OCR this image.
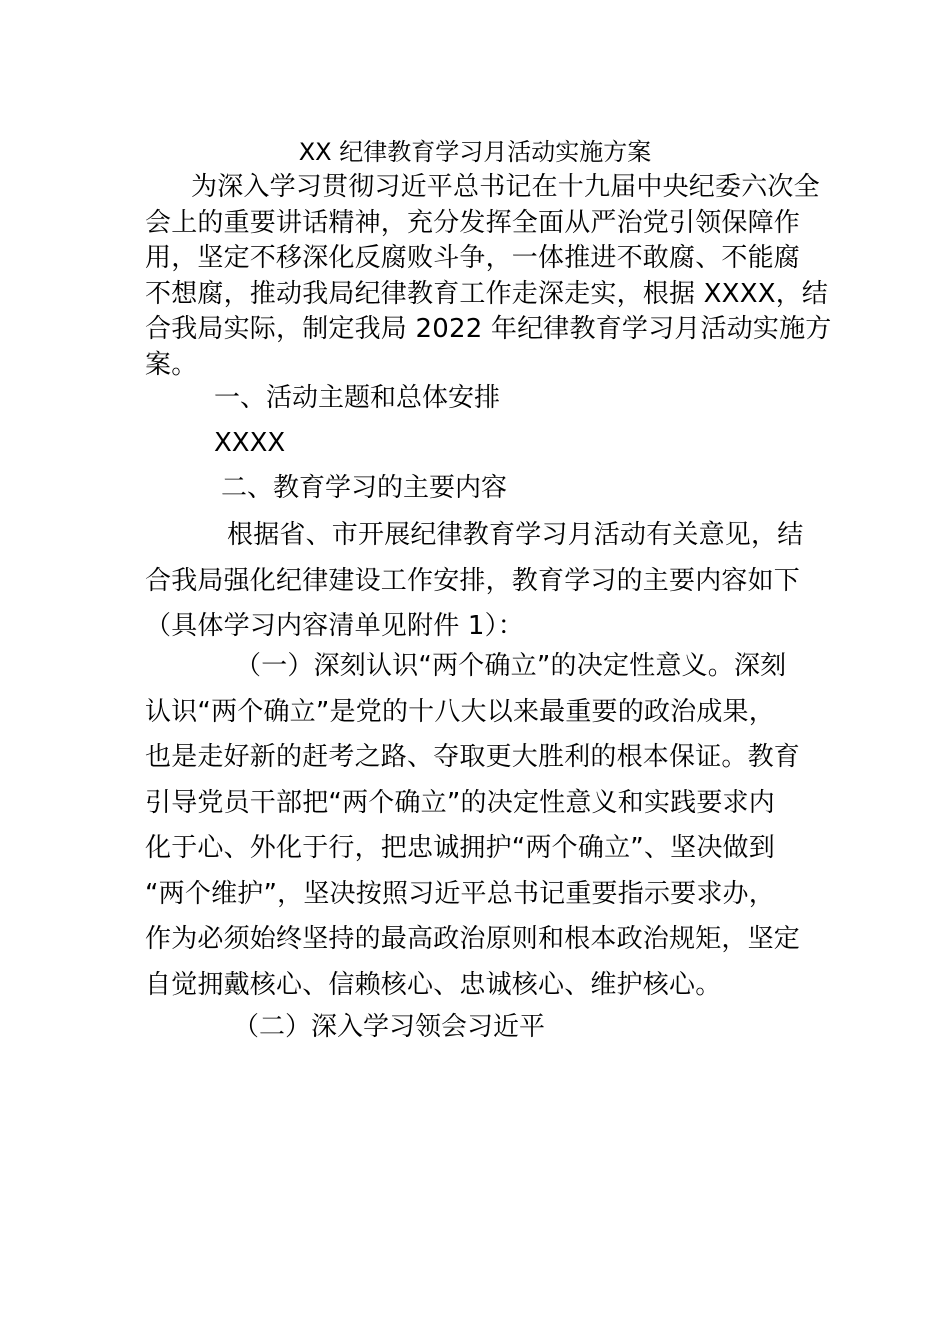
XX 纪律教育学习月活动实施方案
为深入学习贯彻习近平总书记在十九届中央纪委六次全
会上的重要讲话精神，充分发挥全面从严治党引领保障作
用，坚定不移深化反腐败斗争，一体推进不敢腐、不能腐
不想腐，推动我局纪律教育工作走深走实，根据 XXXX，结
合我局实际，制定我局 2022 年纪律教育学习月活动实施方
案。
一、活动主题和总体安排
XXXX
二、教育学习的主要内容
根据省、市开展纪律教育学习月活动有关意见，结
合我局强化纪律建设工作安排，教育学习的主要内容如下
（具体学习内容清单见附件 1）：
（一）深刻认识“两个确立”的决定性意义。深刻
认识“两个确立”是党的十八大以来最重要的政治成果，
也是走好新的赶考之路、夺取更大胜利的根本保证。教育
引导党员干部把“两个确立”的决定性意义和实践要求内
化于心、外化于行，把忠诚拥护“两个确立”、坚决做到
“两个维护”，坚决按照习近平总书记重要指示要求办，
作为必须始终坚持的最高政治原则和根本政治规矩，坚定
自觉拥戴核心、信赖核心、忠诚核心、维护核心。
（二）深入学习领会习近平
